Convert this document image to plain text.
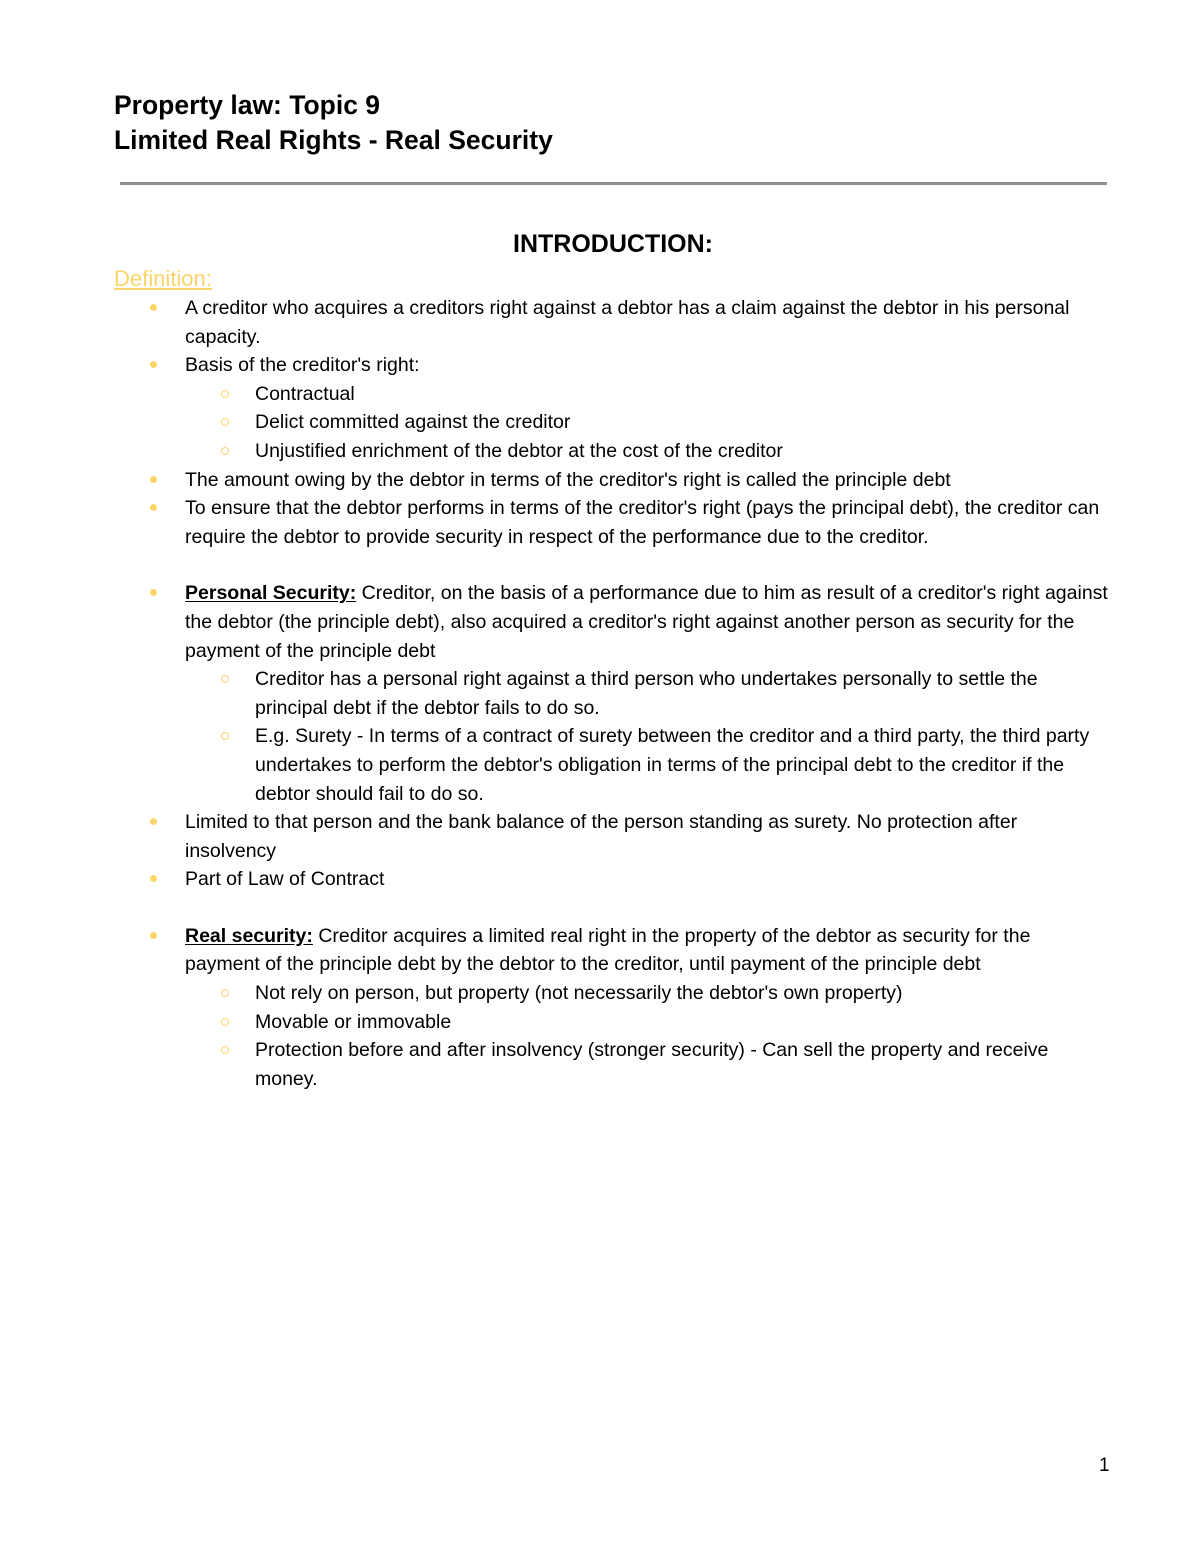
Property law: Topic 9
Limited Real Rights - Real Security
INTRODUCTION:
Definition:
A creditor who acquires a creditors right against a debtor has a claim against the debtor in his personal capacity.
Basis of the creditor's right:
Contractual
Delict committed against the creditor
Unjustified enrichment of the debtor at the cost of the creditor
The amount owing by the debtor in terms of the creditor's right is called the principle debt
To ensure that the debtor performs in terms of the creditor's right (pays the principal debt), the creditor can require the debtor to provide security in respect of the performance due to the creditor.
Personal Security: Creditor, on the basis of a performance due to him as result of a creditor's right against the debtor (the principle debt), also acquired a creditor's right against another person as security for the payment of the principle debt
Creditor has a personal right against a third person who undertakes personally to settle the principal debt if the debtor fails to do so.
E.g. Surety - In terms of a contract of surety between the creditor and a third party, the third party undertakes to perform the debtor's obligation in terms of the principal debt to the creditor if the debtor should fail to do so.
Limited to that person and the bank balance of the person standing as surety. No protection after insolvency
Part of Law of Contract
Real security: Creditor acquires a limited real right in the property of the debtor as security for the payment of the principle debt by the debtor to the creditor, until payment of the principle debt
Not rely on person, but property (not necessarily the debtor's own property)
Movable or immovable
Protection before and after insolvency (stronger security) - Can sell the property and receive money.
1
